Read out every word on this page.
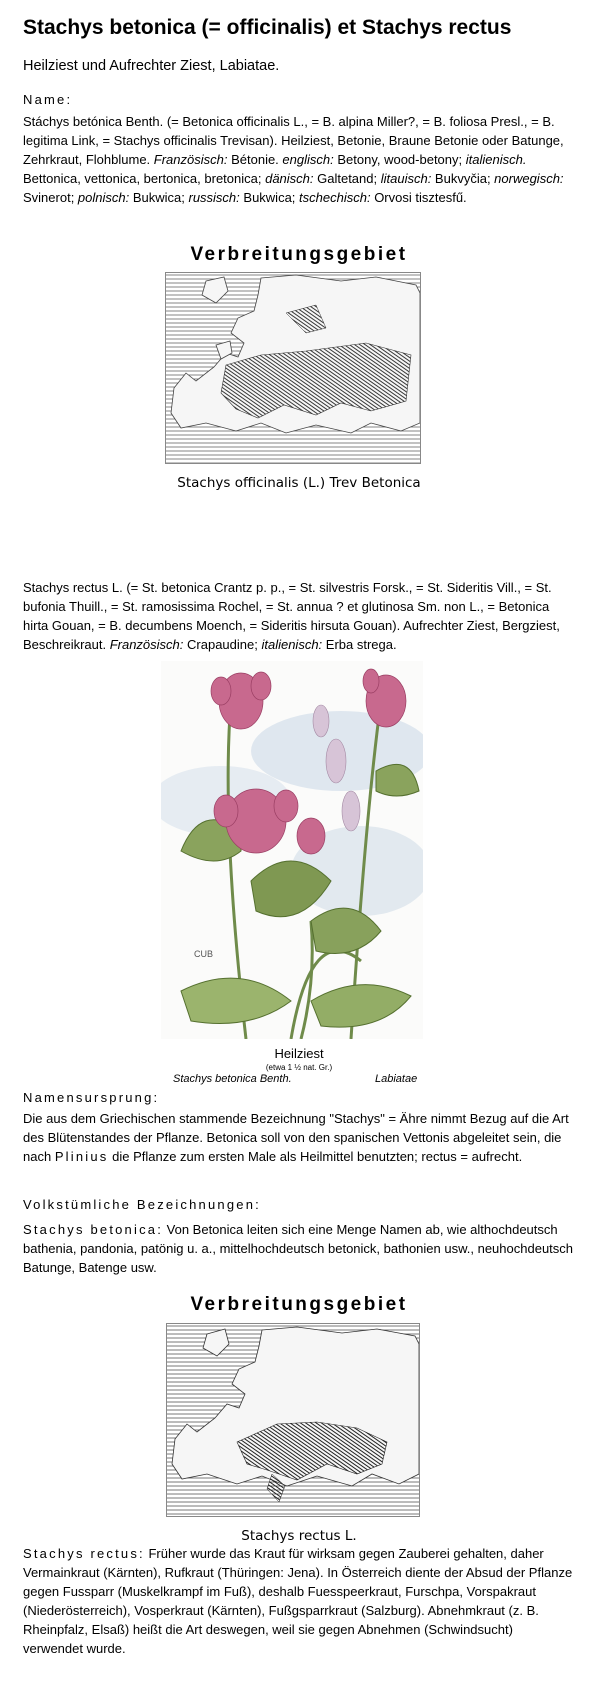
Stachys betonica (= officinalis) et Stachys rectus
Heilziest und Aufrechter Ziest, Labiatae.
Name:
Stáchys betónica Benth. (= Betonica officinalis L., = B. alpina Miller?, = B. foliosa Presl., = B. legitima Link, = Stachys officinalis Trevisan). Heilziest, Betonie, Braune Betonie oder Batunge, Zehrkraut, Flohblume. Französisch: Bétonie. englisch: Betony, wood-betony; italienisch. Bettonica, vettonica, bertonica, bretonica; dänisch: Galtetand; litauisch: Bukvyčia; norwegisch: Svinerot; polnisch: Bukwica; russisch: Bukwica; tschechisch: Orvosi tisztesfű.
Verbreitungsgebiet
Stachys officinalis (L.) Trev Betonica
Stachys rectus L. (= St. betonica Crantz p. p., = St. silvestris Forsk., = St. Sideritis Vill., = St. bufonia Thuill., = St. ramosissima Rochel, = St. annua ? et glutinosa Sm. non L., = Betonica hirta Gouan, = B. decumbens Moench, = Sideritis hirsuta Gouan). Aufrechter Ziest, Bergziest, Beschreikraut. Französisch: Crapaudine; italienisch: Erba strega.
CUB
Heilziest
(etwa 1 ½ nat. Gr.)
Stachys betonica Benth.	Labiatae
Namensursprung:
Die aus dem Griechischen stammende Bezeichnung "Stachys" = Ähre nimmt Bezug auf die Art des Blütenstandes der Pflanze. Betonica soll von den spanischen Vettonis abgeleitet sein, die nach Plinius die Pflanze zum ersten Male als Heilmittel benutzten; rectus = aufrecht.
Volkstümliche Bezeichnungen:
Stachys betonica: Von Betonica leiten sich eine Menge Namen ab, wie althochdeutsch bathenia, pandonia, patönig u. a., mittelhochdeutsch betonick, bathonien usw., neuhochdeutsch Batunge, Batenge usw.
Verbreitungsgebiet
Stachys rectus L.
Stachys rectus: Früher wurde das Kraut für wirksam gegen Zauberei gehalten, daher Vermainkraut (Kärnten), Rufkraut (Thüringen: Jena). In Österreich diente der Absud der Pflanze gegen Fussparr (Muskelkrampf im Fuß), deshalb Fuesspeerkraut, Furschpa, Vorspakraut (Niederösterreich), Vosperkraut (Kärnten), Fußgsparrkraut (Salzburg). Abnehmkraut (z. B. Rheinpfalz, Elsaß) heißt die Art deswegen, weil sie gegen Abnehmen (Schwindsucht) verwendet wurde.
